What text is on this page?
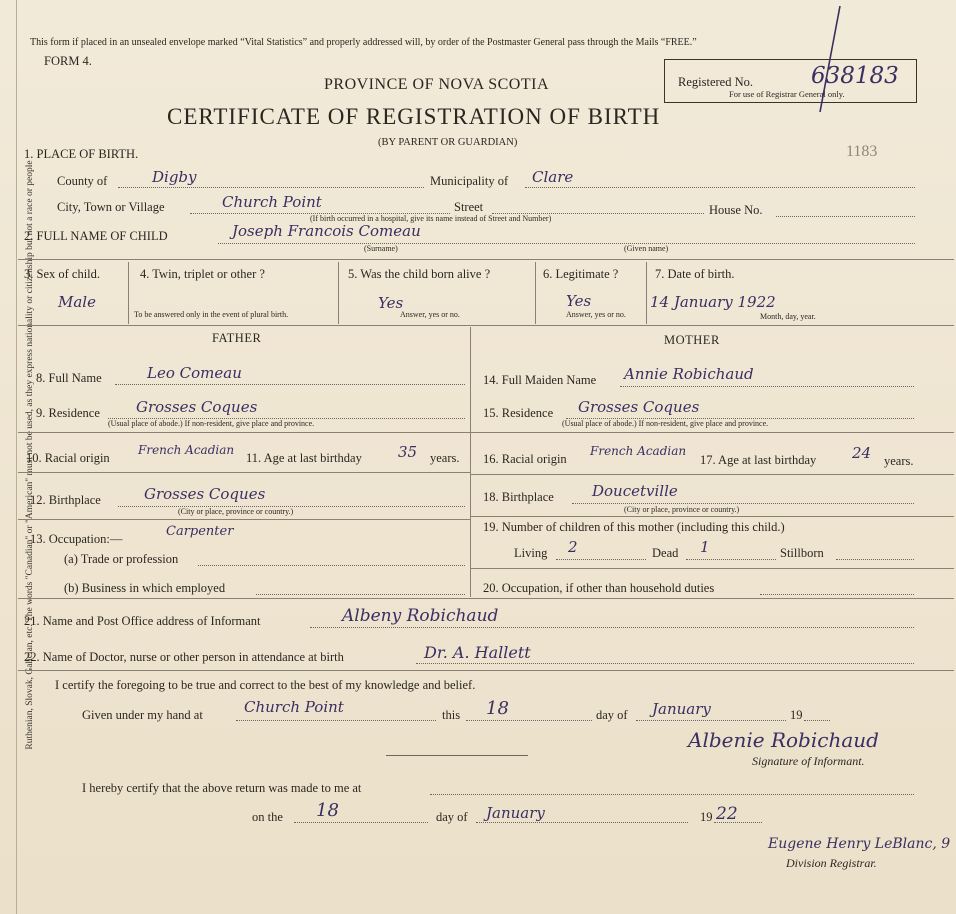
Ruthenian, Slovak, Galician, etc. The words "Canadian" or "American" must not be used, as they express nationality or citizenship but not a race or people
This form if placed in an unsealed envelope marked “Vital Statistics” and properly addressed will, by order of the Postmaster General pass through the Mails “FREE.”
FORM 4.
PROVINCE OF NOVA SCOTIA
CERTIFICATE OF REGISTRATION OF BIRTH
(BY PARENT OR GUARDIAN)
Registered No.	638183
For use of Registrar General only.
1183
1. PLACE OF BIRTH.
County of	Digby	Municipality of Clare
City, Town or Village	Church Point	Street	House No.
(If birth occurred in a hospital, give its name instead of Street and Number)
2. FULL NAME OF CHILD	Joseph Francois Comeau
(Surname)	(Given name)
3. Sex of child.
Male
4. Twin, triplet or other ?
To be answered only in the event of plural birth.
5. Was the child born alive ?
Yes
Answer, yes or no.
6. Legitimate ?
Yes
Answer, yes or no.
7. Date of birth.
14 January 1922
Month, day, year.
FATHER	MOTHER
8. Full Name	Leo Comeau
9. Residence Grosses Coques
(Usual place of abode.) If non-resident, give place and province.
10. Racial origin
French Acadian
11. Age at last birthday 35 years.
12. Birthplace	Grosses Coques
(City or place, province or country.)
13. Occupation:—	Carpenter
(a) Trade or profession
(b) Business in which employed
14. Full Maiden Name Annie Robichaud
15. Residence Grosses Coques
(Usual place of abode.) If non-resident, give place and province.
16. Racial origin
French Acadian
17. Age at last birthday 24 years.
18. Birthplace	Doucetville
(City or place, province or country.)
19. Number of children of this mother (including this child.)
Living 2	Dead 1	Stillborn
20. Occupation, if other than household duties
21. Name and Post Office address of Informant	Albeny Robichaud
22. Name of Doctor, nurse or other person in attendance at birth	Dr. A. Hallett
I certify the foregoing to be true and correct to the best of my knowledge and belief.
Given under my hand at	Church Point	this 18	day of January	19
Albenie Robichaud
Signature of Informant.
I hereby certify that the above return was made to me at
on the 18	day of January	19 22
Eugene Henry LeBlanc, 9
Division Registrar.
